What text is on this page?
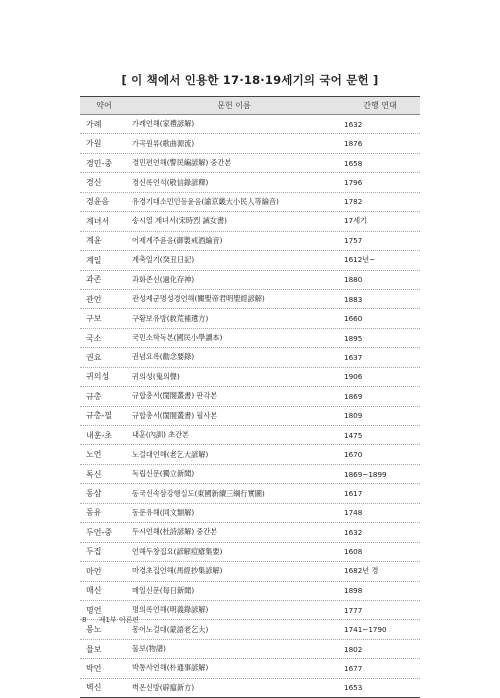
[ 이 책에서 인용한 17·18·19세기의 국어 문헌 ]
약어	문헌 이름	간행 연대
가례	가례언해(家禮諺解)	1632
가원	가곡원류(歌曲源流)	1876
경민-중	경민편언해(警民編諺解) 중간본	1658
경신	경신록언석(敬信錄諺釋)	1796
경윤음	유경기대소민인등윤음(諭京畿大小民人等綸音)	1782
계녀서	송시열 계녀서(宋時烈 誡女書)	17세기
계윤	어제계주윤음(御製戒酒綸音)	1757
계일	계축일기(癸丑日記)	1612년~
과존	과화존신(過化存神)	1880
관언	관성제군명성경언해(關聖帝君明聖經諺解)	1883
구보	구황보유방(救荒補遺方)	1660
국소	국민소학독본(國民小學讀本)	1895
권요	권념요록(勸念要錄)	1637
귀의성	귀의성(鬼의聲)	1906
규총	규합총서(閨閤叢書) 판각본	1869
규총-필	규합총서(閨閤叢書) 필사본	1809
내훈-초	내훈(內訓) 초간본	1475
노언	노걸대언해(老乞大諺解)	1670
독신	독립신문(獨立新聞)	1869~1899
동삼	동국신속삼강행실도(東國新續三綱行實圖)	1617
동유	동문유해(同文類解)	1748
두언-중	두시언해(杜詩諺解) 중간본	1632
두집	언해두창집요(諺解痘瘡集要)	1608
마언	마경초집언해(馬經抄集諺解)	1682년 경
매신	매일신문(每日新聞)	1898
명언	명의록언해(明義錄諺解)	1777
몽노	몽어노걸대(蒙語老乞大)	1741~1790
물보	물보(物譜)	1802
박언	박통사언해(朴通事諺解)	1677
벽신	벽온신방(辟瘟新方)	1653
8 제1부 이론편
